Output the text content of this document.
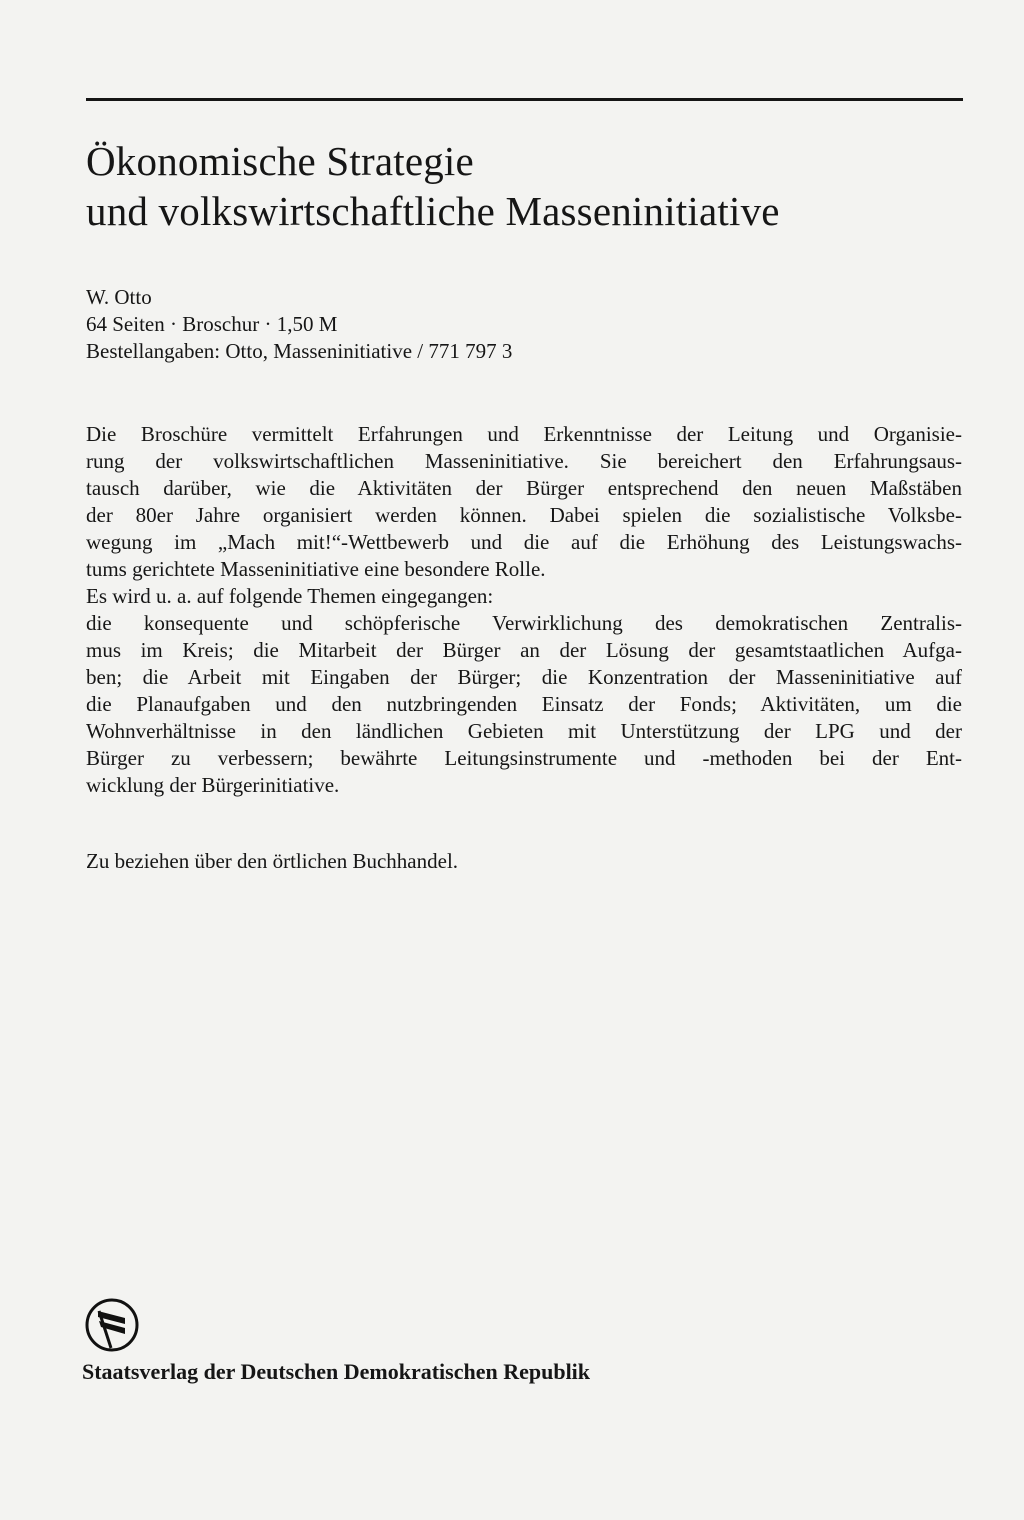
Ökonomische Strategie
und volkswirtschaftliche Masseninitiative
W. Otto
64 Seiten · Broschur · 1,50 M
Bestellangaben: Otto, Masseninitiative / 771 797 3
Die Broschüre vermittelt Erfahrungen und Erkenntnisse der Leitung und Organisie-
rung der volkswirtschaftlichen Masseninitiative. Sie bereichert den Erfahrungsaus-
tausch darüber, wie die Aktivitäten der Bürger entsprechend den neuen Maßstäben
der 80er Jahre organisiert werden können. Dabei spielen die sozialistische Volksbe-
wegung im „Mach mit!“-Wettbewerb und die auf die Erhöhung des Leistungswachs-
tums gerichtete Masseninitiative eine besondere Rolle.
Es wird u. a. auf folgende Themen eingegangen:
die konsequente und schöpferische Verwirklichung des demokratischen Zentralis-
mus im Kreis; die Mitarbeit der Bürger an der Lösung der gesamtstaatlichen Aufga-
ben; die Arbeit mit Eingaben der Bürger; die Konzentration der Masseninitiative auf
die Planaufgaben und den nutzbringenden Einsatz der Fonds; Aktivitäten, um die
Wohnverhältnisse in den ländlichen Gebieten mit Unterstützung der LPG und der
Bürger zu verbessern; bewährte Leitungsinstrumente und -methoden bei der Ent-
wicklung der Bürgerinitiative.
Zu beziehen über den örtlichen Buchhandel.
Staatsverlag der Deutschen Demokratischen Republik
